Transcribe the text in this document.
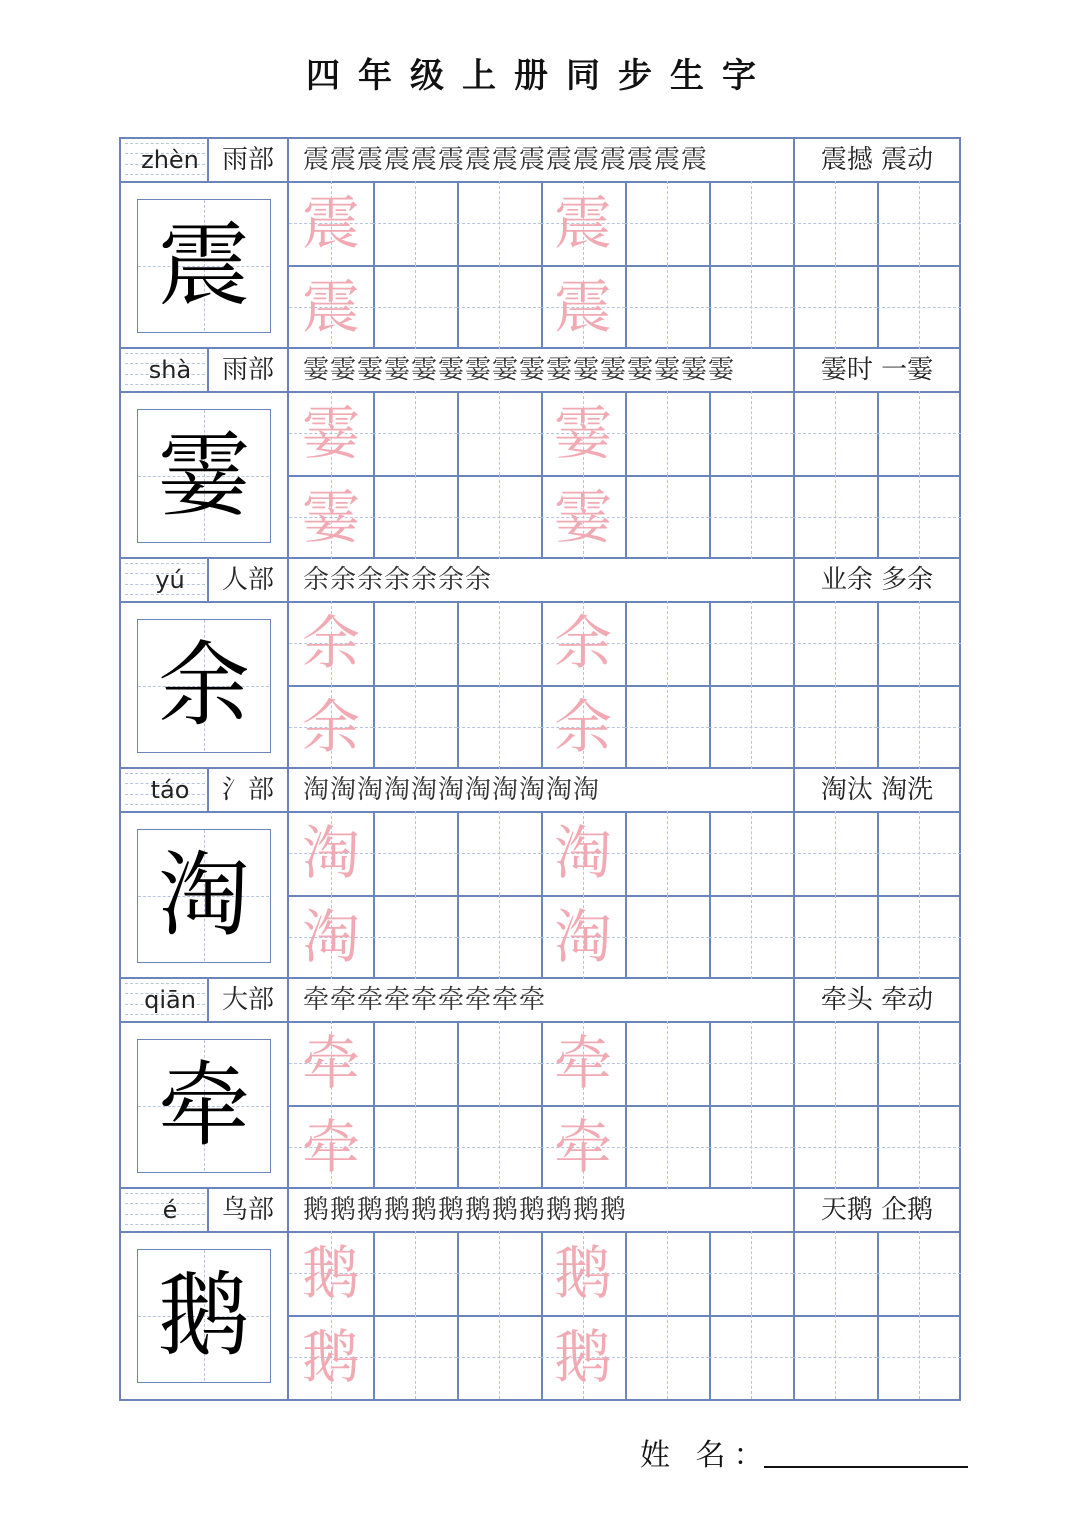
四年级上册同步生字
zhèn 雨部	震震震震震震震震震震震震震震震	震撼 震动
震 震	震
震	震
shà	雨部	霎霎霎霎霎霎霎霎霎霎霎霎霎霎霎霎	霎时 一霎
霎 霎	霎
霎	霎
yú	人部	余余余余余余余	业余 多余
余 余	余
余	余
táo	氵部	淘淘淘淘淘淘淘淘淘淘淘	淘汰 淘洗
淘 淘	淘
淘	淘
qiān	大部	牵牵牵牵牵牵牵牵牵	牵头 牵动
牵 牵	牵
牵	牵
é	鸟部	鹅鹅鹅鹅鹅鹅鹅鹅鹅鹅鹅鹅	天鹅 企鹅
鹅 鹅	鹅
鹅	鹅
姓 名：
